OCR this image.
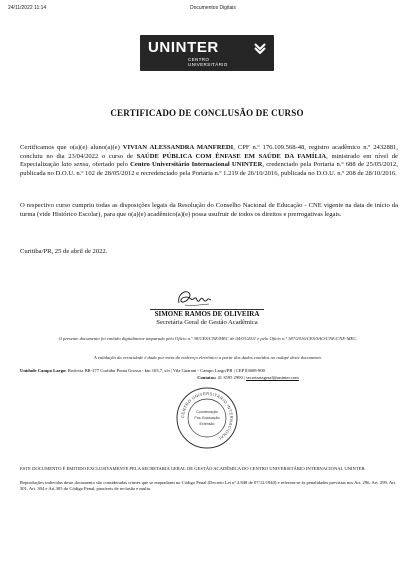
24/11/2022 11:14	Documentos Digitais
UNINTER
CENTRO
UNIVERSITÁRIO
CERTIFICADO DE CONCLUSÃO DE CURSO
Certificamos que o(a)(e) aluno(a)(e) VIVIAN ALESSANDRA MANFREDI, CPF n.º 176.109.568-48, registro acadêmico n.º 2432881, concluiu no dia 23/04/2022 o curso de SAÚDE PÚBLICA COM ÊNFASE EM SAÚDE DA FAMÍLIA, ministrado em nível de Especialização lato sensu, ofertado pelo Centro Universitário Internacional UNINTER, credenciado pela Portaria n.º 688 de 25/05/2012, publicada no D.O.U. n.º 102 de 28/05/2012 e recredenciado pela Portaria n.º 1.219 de 26/10/2016, publicada no D.O.U. n.º 208 de 28/10/2016.
O respectivo curso cumpriu todas as disposições legais da Resolução do Conselho Nacional de Educação - CNE vigente na data de início da turma (vide Histórico Escolar), para que o(a)(e) acadêmico(a)(e) possa usufruir de todos os direitos e prerrogativas legais.
Curitiba/PR, 25 de abril de 2022.
SIMONE RAMOS DE OLIVEIRA
Secretária Geral de Gestão Acadêmica
O presente documento foi emitido digitalmente amparado pelo Ofício n.º 38/CES/CNE/MEC de 04/03/2011 e pelo Ofício n.º 387/2016/CES/SAO/CNE/CNE-MEC.
A validação da veracidade é dada por meio do endereço eletrônico a partir dos dados contidos no rodapé deste documento.
Unidade Campo Largo: Rodovia BR-277 Curitiba Ponta Grossa - km 103,7, s/n | Vila Guarani - Campo Largo/PR | CEP 83608-900
Contatos: 41 3595 2900 | secretariageral@uninter.com
CENTRO UNIVERSITÁRIO INTERNACIONAL
Coordenação
Pós-Graduação
Extensão
ESTE DOCUMENTO É EMITIDO EXCLUSIVAMENTE PELA SECRETARIA GERAL DE GESTÃO ACADÊMICA DO CENTRO UNIVERSITÁRIO INTERNACIONAL UNINTER.
Reproduções indevidas deste documento são consideradas crimes que se enquadram no Código Penal (Decreto Lei nº 2.848 de 07/12/1940) e referem-se às penalidades previstas nos Art. 296, Art. 299, Art. 301, Art. 304 e Art.305 do Código Penal, passíveis de reclusão e multa.
